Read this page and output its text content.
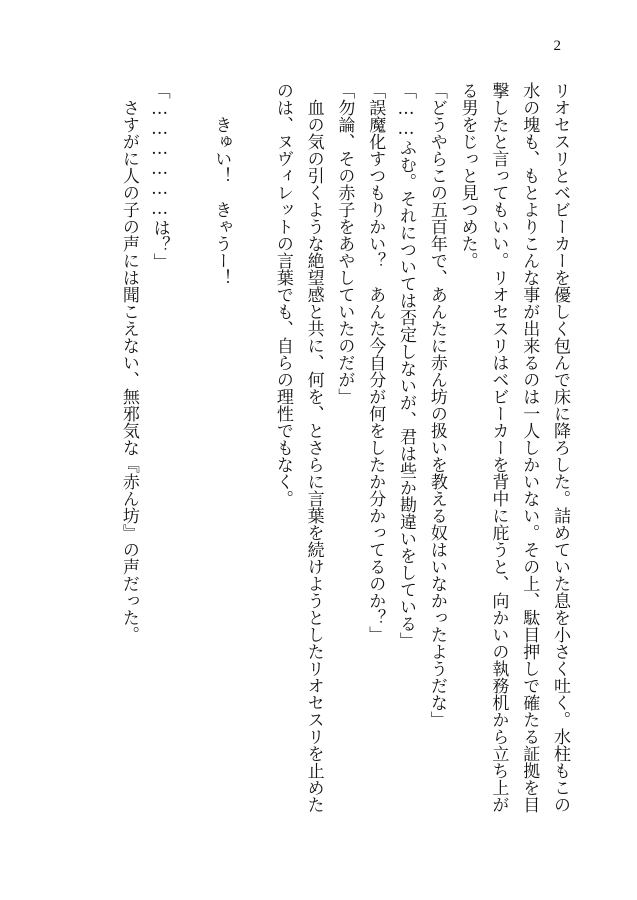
2
リオセスリとベビーカーを優しく包んで床に降ろした。詰めていた息を小さく吐く。水柱もこの
水の塊も、もとよりこんな事が出来るのは一人しかいない。その上、駄目押しで確たる証拠を目
撃したと言ってもいい。リオセスリはベビーカーを背中に庇うと、向かいの執務机から立ち上が
る男をじっと見つめた。
「どうやらこの五百年で、あんたに赤ん坊の扱いを教える奴はいなかったようだな」
「……ふむ。それについては否定しないが、君は些か勘違いをしている」
「誤魔化すつもりかい？　あんた今自分が何をしたか分かってるのか？」
「勿論、その赤子をあやしていたのだが」
　血の気の引くような絶望感と共に、何を、とさらに言葉を続けようとしたリオセスリを止めた
のは、ヌヴィレットの言葉でも、自らの理性でもなく。
　　きゅい！　きゃうー！
「………………は？」
　さすがに人の子の声には聞こえない、無邪気な『赤ん坊』の声だった。
